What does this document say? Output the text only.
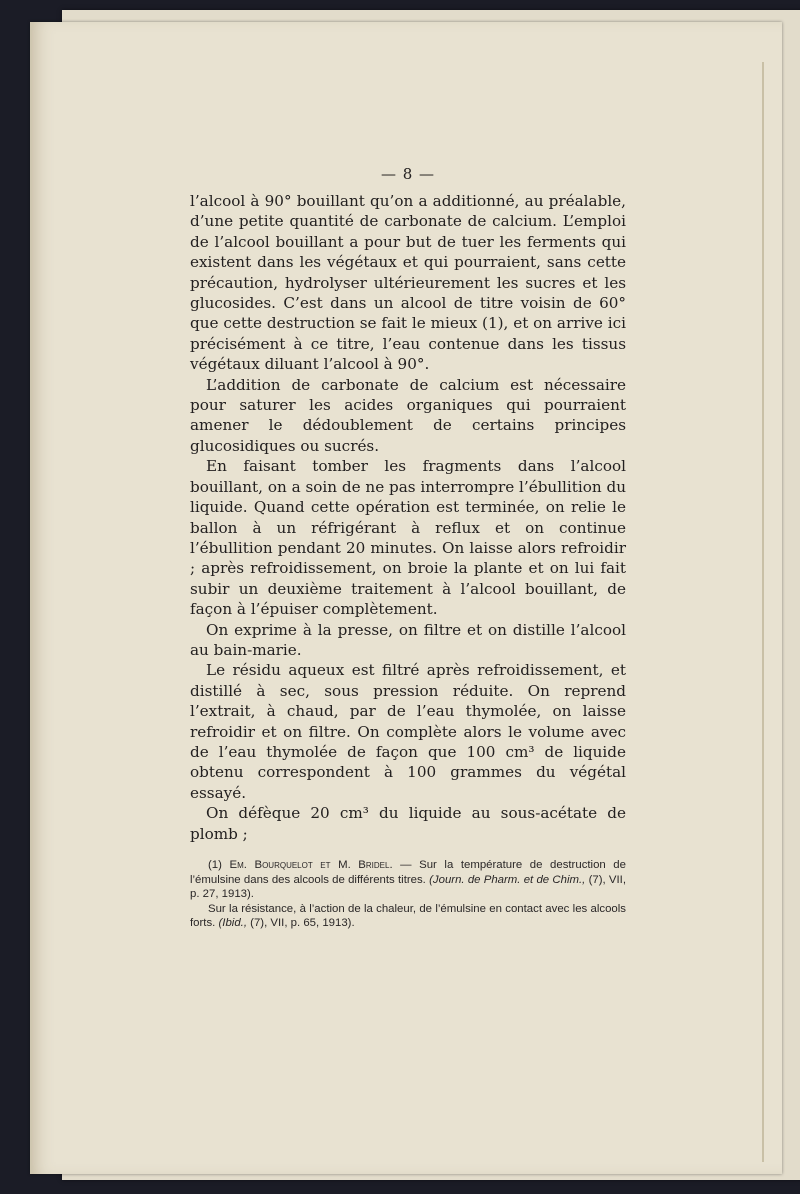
— 8 —

l’alcool à 90° bouillant qu’on a additionné, au préalable, d’une petite quantité de carbonate de calcium. L’emploi de l’alcool bouillant a pour but de tuer les ferments qui existent dans les végétaux et qui pourraient, sans cette précaution, hydrolyser ultérieurement les sucres et les glucosides. C’est dans un alcool de titre voisin de 60° que cette destruction se fait le mieux (1), et on arrive ici précisément à ce titre, l’eau contenue dans les tissus végétaux diluant l’alcool à 90°.

L’addition de carbonate de calcium est nécessaire pour saturer les acides organiques qui pourraient amener le dédoublement de certains principes glucosidiques ou sucrés.

En faisant tomber les fragments dans l’alcool bouillant, on a soin de ne pas interrompre l’ébullition du liquide. Quand cette opération est terminée, on relie le ballon à un réfrigérant à reflux et on continue l’ébullition pendant 20 minutes. On laisse alors refroidir ; après refroidissement, on broie la plante et on lui fait subir un deuxième traitement à l’alcool bouillant, de façon à l’épuiser complètement.

On exprime à la presse, on filtre et on distille l’alcool au bain-marie.

Le résidu aqueux est filtré après refroidissement, et distillé à sec, sous pression réduite. On reprend l’extrait, à chaud, par de l’eau thymolée, on laisse refroidir et on filtre. On complète alors le volume avec de l’eau thymolée de façon que 100 cm³ de liquide obtenu correspondent à 100 grammes du végétal essayé.

On défèque 20 cm³ du liquide au sous-acétate de plomb ;

(1) Em. Bourquelot et M. Bridel. — Sur la température de destruction de l’émulsine dans des alcools de différents titres. (Journ. de Pharm. et de Chim., (7), VII, p. 27, 1913).

Sur la résistance, à l’action de la chaleur, de l’émulsine en contact avec les alcools forts. (Ibid., (7), VII, p. 65, 1913).
